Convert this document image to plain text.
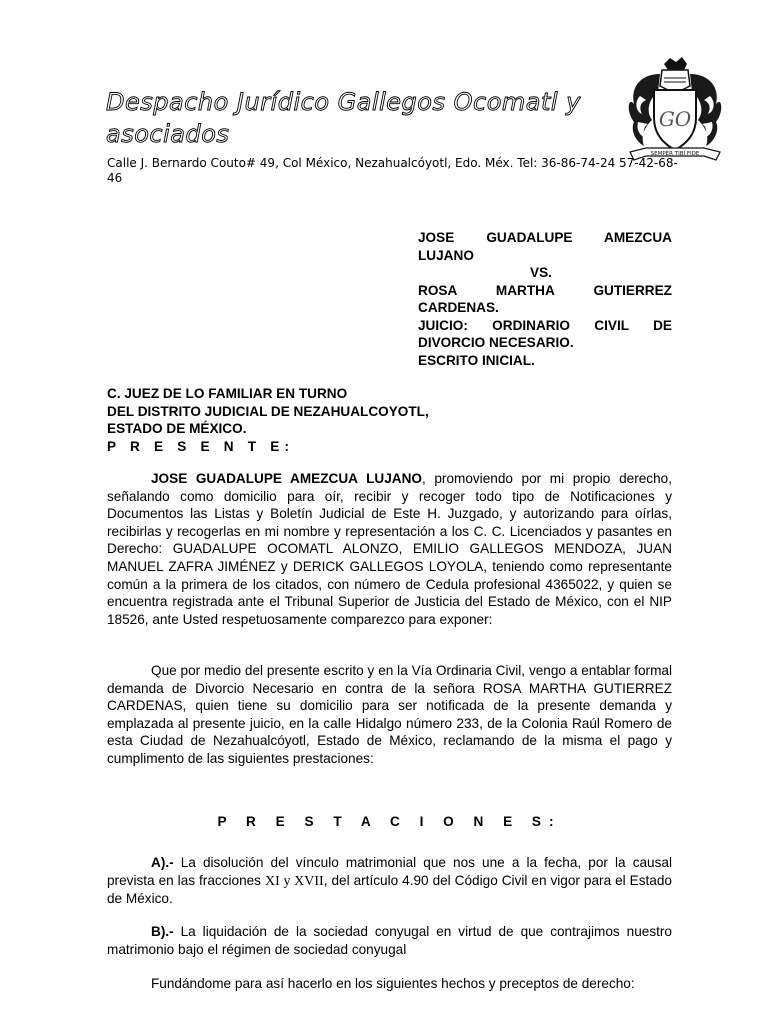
Despacho Jurídico Gallegos Ocomatl y asociados
Calle J. Bernardo Couto# 49, Col México, Nezahualcóyotl, Edo. Méx. Tel: 36-86-74-24 57-42-68-46
GO
SEMPER TIBI FIDE
JOSE GUADALUPE AMEZCUA
LUJANO
VS.
ROSA MARTHA GUTIERREZ
CARDENAS.
JUICIO: ORDINARIO CIVIL DE
DIVORCIO NECESARIO.
ESCRITO INICIAL.
C. JUEZ DE LO FAMILIAR EN TURNO
DEL DISTRITO JUDICIAL DE NEZAHUALCOYOTL,
ESTADO DE MÉXICO.
P R E S E N T E:
JOSE GUADALUPE AMEZCUA LUJANO, promoviendo por mi propio derecho, señalando como domicilio para oír, recibir y recoger todo tipo de Notificaciones y Documentos las Listas y Boletín Judicial de Este H. Juzgado, y autorizando para oírlas, recibirlas y recogerlas en mi nombre y representación a los C. C. Licenciados y pasantes en Derecho: GUADALUPE OCOMATL ALONZO, EMILIO GALLEGOS MENDOZA, JUAN MANUEL ZAFRA JIMÉNEZ y DERICK GALLEGOS LOYOLA, teniendo como representante común a la primera de los citados, con número de Cedula profesional 4365022, y quien se encuentra registrada ante el Tribunal Superior de Justicia del Estado de México, con el NIP 18526, ante Usted respetuosamente comparezco para exponer:
Que por medio del presente escrito y en la Vía Ordinaria Civil, vengo a entablar formal demanda de Divorcio Necesario en contra de la señora ROSA MARTHA GUTIERREZ CARDENAS, quien tiene su domicilio para ser notificada de la presente demanda y emplazada al presente juicio, en la calle Hidalgo número 233, de la Colonia Raúl Romero de esta Ciudad de Nezahualcóyotl, Estado de México, reclamando de la misma el pago y cumplimento de las siguientes prestaciones:
P R E S T A C I O N E S:
A).- La disolución del vínculo matrimonial que nos une a la fecha, por la causal prevista en las fracciones XI y XVII, del artículo 4.90 del Código Civil en vigor para el Estado de México.
B).- La liquidación de la sociedad conyugal en virtud de que contrajimos nuestro matrimonio bajo el régimen de sociedad conyugal
Fundándome para así hacerlo en los siguientes hechos y preceptos de derecho:
